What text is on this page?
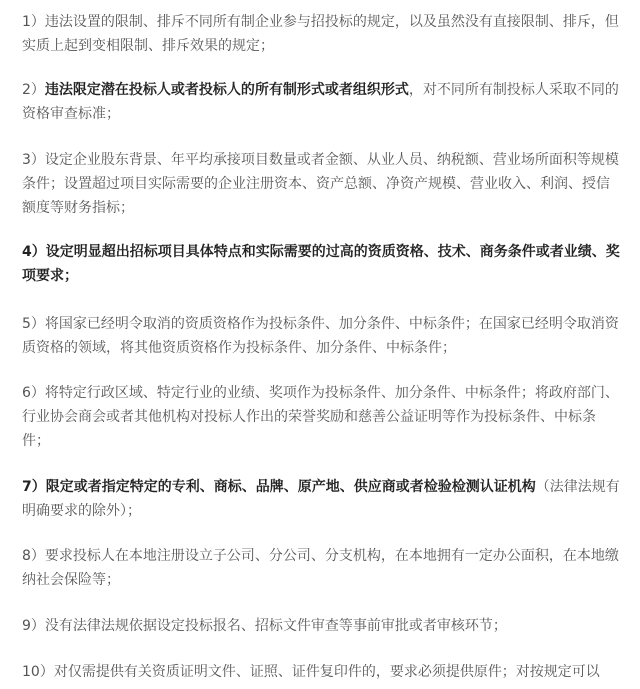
1）违法设置的限制、排斥不同所有制企业参与招投标的规定，以及虽然没有直接限制、排斥，但实质上起到变相限制、排斥效果的规定；

2）违法限定潜在投标人或者投标人的所有制形式或者组织形式，对不同所有制投标人采取不同的资格审查标准；

3）设定企业股东背景、年平均承接项目数量或者金额、从业人员、纳税额、营业场所面积等规模条件；设置超过项目实际需要的企业注册资本、资产总额、净资产规模、营业收入、利润、授信额度等财务指标；

4）设定明显超出招标项目具体特点和实际需要的过高的资质资格、技术、商务条件或者业绩、奖项要求；

5）将国家已经明令取消的资质资格作为投标条件、加分条件、中标条件；在国家已经明令取消资质资格的领域，将其他资质资格作为投标条件、加分条件、中标条件；

6）将特定行政区域、特定行业的业绩、奖项作为投标条件、加分条件、中标条件；将政府部门、行业协会商会或者其他机构对投标人作出的荣誉奖励和慈善公益证明等作为投标条件、中标条件；

7）限定或者指定特定的专利、商标、品牌、原产地、供应商或者检验检测认证机构（法律法规有明确要求的除外）；

8）要求投标人在本地注册设立子公司、分公司、分支机构，在本地拥有一定办公面积，在本地缴纳社会保险等；

9）没有法律法规依据设定投标报名、招标文件审查等事前审批或者审核环节；

10）对仅需提供有关资质证明文件、证照、证件复印件的，要求必须提供原件；对按规定可以
